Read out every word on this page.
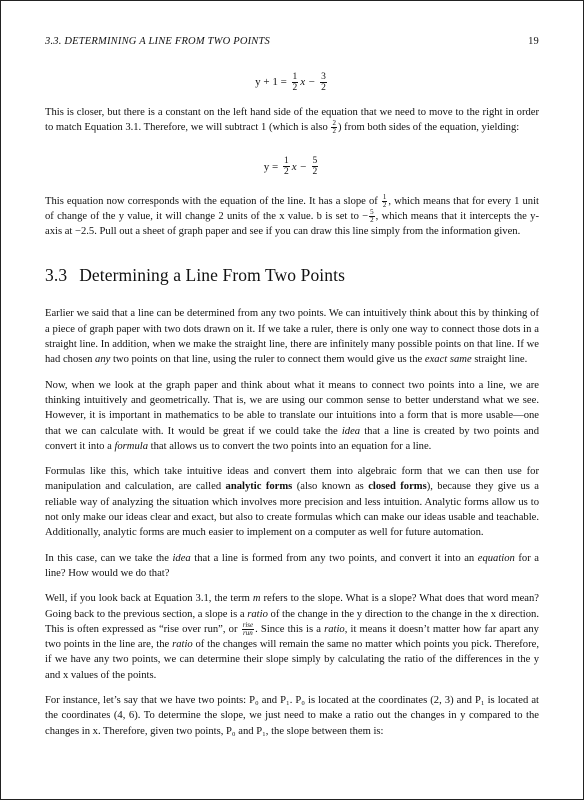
3.3. DETERMINING A LINE FROM TWO POINTS	19
y + 1 =
$\frac{1}{2}$ x −
$\frac{3}{2}$

This is closer, but there is a constant on the left hand side of the equation that we need to move to the right in order to match Equation 3.1. Therefore, we will subtract 1 (which is also $\frac{2}{2}$ ) from both sides of the equation, yielding:

y =
$\frac{1}{2}$ x −
$\frac{5}{2}$

This equation now corresponds with the equation of the line. It has a slope of $\frac{1}{2}$ , which means that for every 1 unit of change of the y value, it will change 2 units of the x value. b is set to − $\frac{5}{2}$ , which means that it intercepts the y-axis at −2.5. Pull out a sheet of graph paper and see if you can draw this line simply from the information given.

3.3 Determining a Line From Two Points

Earlier we said that a line can be determined from any two points. We can intuitively think about this by thinking of a piece of graph paper with two dots drawn on it. If we take a ruler, there is only one way to connect those dots in a straight line. In addition, when we make the straight line, there are infinitely many possible points on that line. If we had chosen any two points on that line, using the ruler to connect them would give us the exact same straight line.

Now, when we look at the graph paper and think about what it means to connect two points into a line, we are thinking intuitively and geometrically. That is, we are using our common sense to better understand what we see. However, it is important in mathematics to be able to translate our intuitions into a form that is more usable—one that we can calculate with. It would be great if we could take the idea that a line is created by two points and convert it into a formula that allows us to convert the two points into an equation for a line.

Formulas like this, which take intuitive ideas and convert them into algebraic form that we can then use for manipulation and calculation, are called analytic forms (also known as closed forms), because they give us a reliable way of analyzing the situation which involves more precision and less intuition. Analytic forms allow us to not only make our ideas clear and exact, but also to create formulas which can make our ideas usable and teachable. Additionally, analytic forms are much easier to implement on a computer as well for future automation.

In this case, can we take the idea that a line is formed from any two points, and convert it into an equation for a line? How would we do that?

Well, if you look back at Equation 3.1, the term m refers to the slope. What is a slope? What does that word mean? Going back to the previous section, a slope is a ratio of the change in the y direction to the change in the x direction. This is often expressed as “rise over run”, or rise
run . Since this is a ratio, it means it doesn’t matter how far apart any two points in the line are, the ratio of the changes will remain the same no matter which points you pick. Therefore, if we have any two points, we can determine their slope simply by calculating the ratio of the differences in the y and x values of the points.

For instance, let’s say that we have two points: P₀ and P₁. P₀ is located at the coordinates (2, 3) and P₁ is located at the coordinates (4, 6). To determine the slope, we just need to make a ratio out the changes in y compared to the changes in x. Therefore, given two points, P₀ and P₁, the slope between them is:
